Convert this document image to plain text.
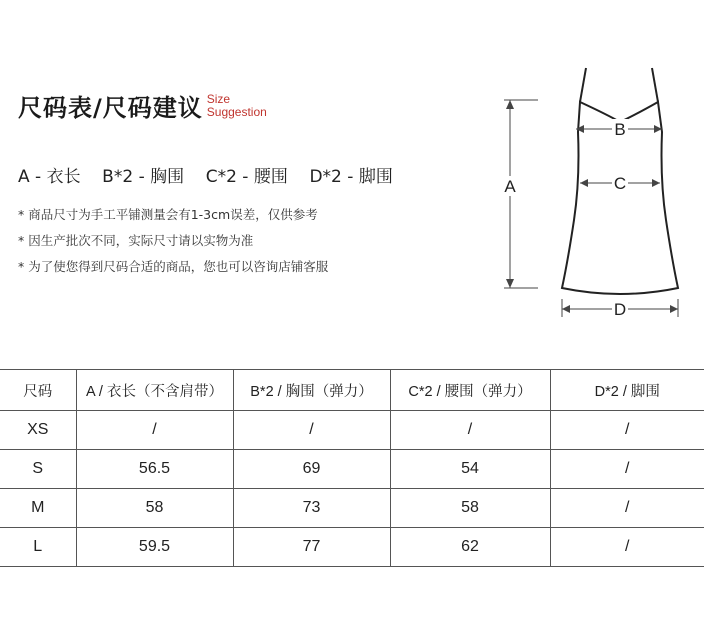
尺码表/尺码建议 Size
Suggestion
A - 衣长    B*2 - 胸围    C*2 - 腰围    D*2 - 脚围
* 商品尺寸为手工平铺测量会有1-3cm误差，仅供参考
* 因生产批次不同，实际尺寸请以实物为准
* 为了使您得到尺码合适的商品，您也可以咨询店铺客服
A
B
C
D
尺码	A / 衣长（不含肩带）	B*2 / 胸围（弹力）	C*2 / 腰围（弹力）	D*2 / 脚围
XS	/	/	/	/
S	56.5	69	54	/
M	58	73	58	/
L	59.5	77	62	/
